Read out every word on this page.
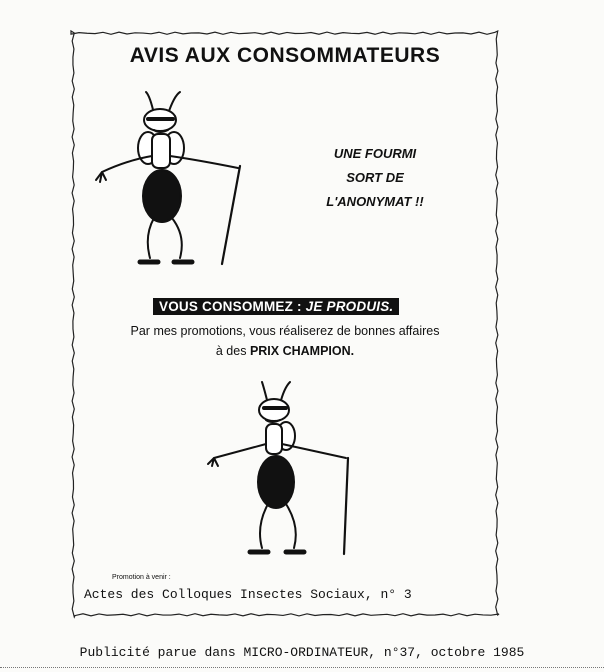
AVIS AUX CONSOMMATEURS
UNE FOURMI
SORT DE
L'ANONYMAT !!
VOUS CONSOMMEZ : JE PRODUIS.
Par mes promotions, vous réaliserez de bonnes affaires
à des PRIX CHAMPION.
Promotion à venir :
Actes des Colloques Insectes Sociaux, n° 3
Publicité parue dans MICRO-ORDINATEUR, n°37, octobre 1985
